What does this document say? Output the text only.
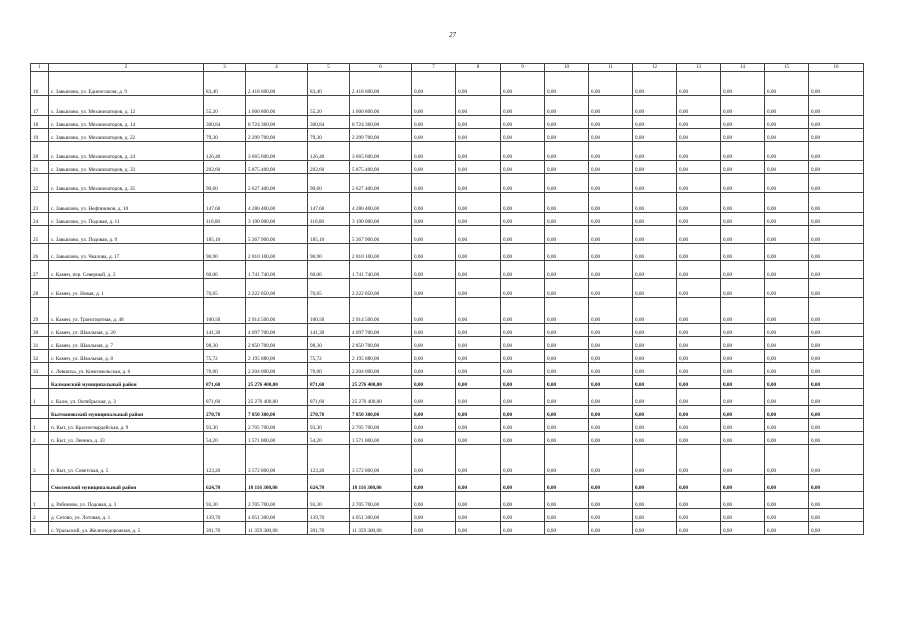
27
1	2	3	4	5	6	7	8	9	10	11	12	13	14	15	16
16	с. Завьялово, ул. Единогласия, д. 9	83,40	2 418 600,00	83,40	2 418 600,00	0,00	0,00	0,00	0,00	0,00	0,00	0,00	0,00	0,00	0,00
17	с. Завьялово, ул. Механизаторов, д. 12	55,20	1 600 800,00	55,20	1 600 800,00	0,00	0,00	0,00	0,00	0,00	0,00	0,00	0,00	0,00	0,00
18	с. Завьялово, ул. Механизаторов, д. 14	300,84	8 724 360,00	300,84	8 724 360,00	0,00	0,00	0,00	0,00	0,00	0,00	0,00	0,00	0,00	0,00
19	с. Завьялово, ул. Механизаторов, д. 22	79,30	2 299 700,00	79,30	2 299 700,00	0,00	0,00	0,00	0,00	0,00	0,00	0,00	0,00	0,00	0,00
20	с. Завьялово, ул. Механизаторов, д. 24	126,40	3 665 600,00	126,40	3 665 600,00	0,00	0,00	0,00	0,00	0,00	0,00	0,00	0,00	0,00	0,00
21	с. Завьялово, ул. Механизаторов, д. 33	202,60	5 875 400,00	202,60	5 875 400,00	0,00	0,00	0,00	0,00	0,00	0,00	0,00	0,00	0,00	0,00
22	с. Завьялово, ул. Механизаторов, д. 35	90,60	2 627 400,00	90,60	2 627 400,00	0,00	0,00	0,00	0,00	0,00	0,00	0,00	0,00	0,00	0,00
23	с. Завьялово, ул. Нефтяников, д. 10	147,60	4 280 400,00	147,60	4 280 400,00	0,00	0,00	0,00	0,00	0,00	0,00	0,00	0,00	0,00	0,00
24	с. Завьялово, ул. Подовая, д. 11	110,00	3 190 000,00	110,00	3 190 000,00	0,00	0,00	0,00	0,00	0,00	0,00	0,00	0,00	0,00	0,00
25	с. Завьялово, ул. Подовая, д. 9	185,10	5 367 900,00	185,10	5 367 900,00	0,00	0,00	0,00	0,00	0,00	0,00	0,00	0,00	0,00	0,00
26	с. Завьялово, ул. Чкалова, д. 17	96,90	2 810 100,00	96,90	2 810 100,00	0,00	0,00	0,00	0,00	0,00	0,00	0,00	0,00	0,00	0,00
27	с. Камен, пер. Северный, д. 2	60,06	1 741 740,00	60,06	1 741 740,00	0,00	0,00	0,00	0,00	0,00	0,00	0,00	0,00	0,00	0,00
28	с. Камен, ул. Новая, д. 1	76,65	2 222 850,00	76,65	2 222 850,00	0,00	0,00	0,00	0,00	0,00	0,00	0,00	0,00	0,00	0,00
29	с. Камен, ул. Транспортная, д. 48	100,50	2 914 500,00	100,50	2 914 500,00	0,00	0,00	0,00	0,00	0,00	0,00	0,00	0,00	0,00	0,00
30	с. Камен, ул. Школьная, д. 20	141,30	4 097 700,00	141,30	4 097 700,00	0,00	0,00	0,00	0,00	0,00	0,00	0,00	0,00	0,00	0,00
31	с. Камен, ул. Школьная, д. 7	98,30	2 850 700,00	98,30	2 850 700,00	0,00	0,00	0,00	0,00	0,00	0,00	0,00	0,00	0,00	0,00
32	с. Камен, ул. Школьная, д. 8	75,72	2 195 880,00	75,72	2 195 880,00	0,00	0,00	0,00	0,00	0,00	0,00	0,00	0,00	0,00	0,00
33	с. Левшиха, ул. Комсомольская, д. 6	76,00	2 204 000,00	76,00	2 204 000,00	0,00	0,00	0,00	0,00	0,00	0,00	0,00	0,00	0,00	0,00
	Калманский муниципальный район	871,60	25 276 400,00	871,60	25 276 400,00	0,00	0,00	0,00	0,00	0,00	0,00	0,00	0,00	0,00	0,00
1	с. Калм, ул. Октябрьская, д. 3	871,60	25 276 400,00	871,60	25 276 400,00	0,00	0,00	0,00	0,00	0,00	0,00	0,00	0,00	0,00	0,00
	Кытмановский муниципальный район	270,70	7 850 300,00	270,70	7 850 300,00	0,00	0,00	0,00	0,00	0,00	0,00	0,00	0,00	0,00	0,00
1	п. Кыт, ул. Красногвардейская, д. 9	93,30	2 705 700,00	93,30	2 705 700,00	0,00	0,00	0,00	0,00	0,00	0,00	0,00	0,00	0,00	0,00
2	п. Кыт, ул. Ленина, д. 33	54,20	1 571 800,00	54,20	1 571 800,00	0,00	0,00	0,00	0,00	0,00	0,00	0,00	0,00	0,00	0,00
3	п. Кыт, ул. Советская, д. 5	123,20	3 572 800,00	123,20	3 572 800,00	0,00	0,00	0,00	0,00	0,00	0,00	0,00	0,00	0,00	0,00
	Смоленский муниципальный район	624,70	18 116 300,00	624,70	18 116 300,00	0,00	0,00	0,00	0,00	0,00	0,00	0,00	0,00	0,00	0,00
1	д. Рабиново, ул. Подовая, д. 3	93,30	2 705 700,00	93,30	2 705 700,00	0,00	0,00	0,00	0,00	0,00	0,00	0,00	0,00	0,00	0,00
2	д. Сетово, ул. Лотовая, д. 1	139,70	4 051 300,00	139,70	4 051 300,00	0,00	0,00	0,00	0,00	0,00	0,00	0,00	0,00	0,00	0,00
3	с. Уральский, ул. Железнодорожная, д. 5	391,70	11 359 300,00	391,70	11 359 300,00	0,00	0,00	0,00	0,00	0,00	0,00	0,00	0,00	0,00	0,00
